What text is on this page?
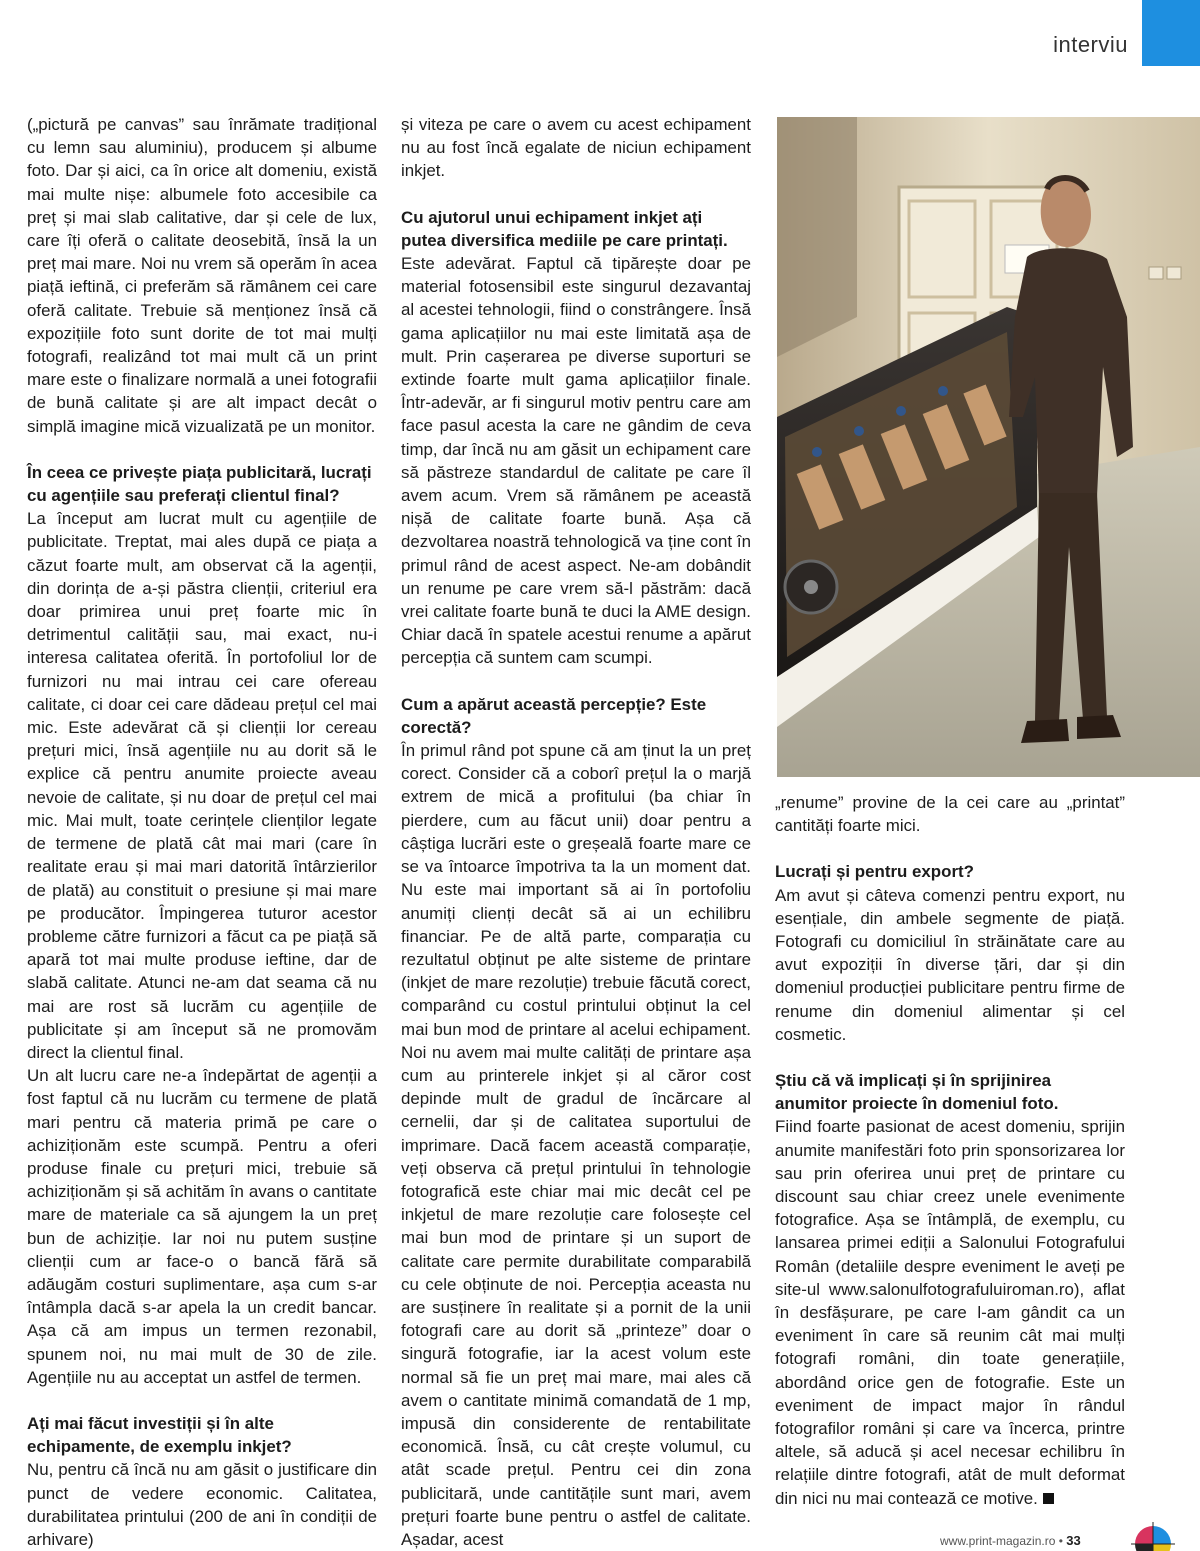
interviu

(„pictură pe canvas” sau înrămate tradițional cu lemn sau aluminiu), producem și albume foto. Dar și aici, ca în orice alt domeniu, există mai multe nișe: albumele foto accesibile ca preț și mai slab calitative, dar și cele de lux, care îți oferă o calitate deosebită, însă la un preț mai mare. Noi nu vrem să operăm în acea piață ieftină, ci preferăm să rămânem cei care oferă calitate. Trebuie să menționez însă că expozițiile foto sunt dorite de tot mai mulți fotografi, realizând tot mai mult că un print mare este o finalizare normală a unei fotografii de bună calitate și are alt impact decât o simplă imagine mică vizualizată pe un monitor.

În ceea ce privește piața publicitară, lucrați cu agențiile sau preferați clientul final?

La început am lucrat mult cu agențiile de publicitate. Treptat, mai ales după ce piața a căzut foarte mult, am observat că la agenții, din dorința de a-și păstra clienții, criteriul era doar primirea unui preț foarte mic în detrimentul calității sau, mai exact, nu-i interesa calitatea oferită. În portofoliul lor de furnizori nu mai intrau cei care ofereau calitate, ci doar cei care dădeau prețul cel mai mic. Este adevărat că și clienții lor cereau prețuri mici, însă agențiile nu au dorit să le explice că pentru anumite proiecte aveau nevoie de calitate, și nu doar de prețul cel mai mic. Mai mult, toate cerințele clienților legate de termene de plată cât mai mari (care în realitate erau și mai mari datorită întârzierilor de plată) au constituit o presiune și mai mare pe producător. Împingerea tuturor acestor probleme către furnizori a făcut ca pe piață să apară tot mai multe produse ieftine, dar de slabă calitate. Atunci ne-am dat seama că nu mai are rost să lucrăm cu agențiile de publicitate și am început să ne promovăm direct la clientul final.

Un alt lucru care ne-a îndepărtat de agenții a fost faptul că nu lucrăm cu termene de plată mari pentru că materia primă pe care o achiziționăm este scumpă. Pentru a oferi produse finale cu prețuri mici, trebuie să achiziționăm și să achităm în avans o cantitate mare de materiale ca să ajungem la un preț bun de achiziție. Iar noi nu putem susține clienții cum ar face-o o bancă fără să adăugăm costuri suplimentare, așa cum s-ar întâmpla dacă s-ar apela la un credit bancar. Așa că am impus un termen rezonabil, spunem noi, nu mai mult de 30 de zile. Agențiile nu au acceptat un astfel de termen.

Ați mai făcut investiții și în alte echipamente, de exemplu inkjet?

Nu, pentru că încă nu am găsit o justificare din punct de vedere economic. Calitatea, durabilitatea printului (200 de ani în condiții de arhivare)

și viteza pe care o avem cu acest echipament nu au fost încă egalate de niciun echipament inkjet.

Cu ajutorul unui echipament inkjet ați putea diversifica mediile pe care printați.

Este adevărat. Faptul că tipărește doar pe material fotosensibil este singurul dezavantaj al acestei tehnologii, fiind o constrângere. Însă gama aplicațiilor nu mai este limitată așa de mult. Prin cașerarea pe diverse suporturi se extinde foarte mult gama aplicațiilor finale. Într-adevăr, ar fi singurul motiv pentru care am face pasul acesta la care ne gândim de ceva timp, dar încă nu am găsit un echipament care să păstreze standardul de calitate pe care îl avem acum. Vrem să rămânem pe această nișă de calitate foarte bună. Așa că dezvoltarea noastră tehnologică va ține cont în primul rând de acest aspect. Ne-am dobândit un renume pe care vrem să-l păstrăm: dacă vrei calitate foarte bună te duci la AME design. Chiar dacă în spatele acestui renume a apărut percepția că suntem cam scumpi.

Cum a apărut această percepție? Este corectă?

În primul rând pot spune că am ținut la un preț corect. Consider că a coborî prețul la o marjă extrem de mică a profitului (ba chiar în pierdere, cum au făcut unii) doar pentru a câștiga lucrări este o greșeală foarte mare ce se va întoarce împotriva ta la un moment dat. Nu este mai important să ai în portofoliu anumiți clienți decât să ai un echilibru financiar. Pe de altă parte, comparația cu rezultatul obținut pe alte sisteme de printare (inkjet de mare rezoluție) trebuie făcută corect, comparând cu costul printului obținut la cel mai bun mod de printare al acelui echipament. Noi nu avem mai multe calități de printare așa cum au printerele inkjet și al căror cost depinde mult de gradul de încărcare al cernelii, dar și de calitatea suportului de imprimare. Dacă facem această comparație, veți observa că prețul printului în tehnologie fotografică este chiar mai mic decât cel pe inkjetul de mare rezoluție care folosește cel mai bun mod de printare și un suport de calitate care permite durabilitate comparabilă cu cele obținute de noi. Percepția aceasta nu are susținere în realitate și a pornit de la unii fotografi care au dorit să „printeze” doar o singură fotografie, iar la acest volum este normal să fie un preț mai mare, mai ales că avem o cantitate minimă comandată de 1 mp, impusă din considerente de rentabilitate economică. Însă, cu cât crește volumul, cu atât scade prețul. Pentru cei din zona publicitară, unde cantitățile sunt mari, avem prețuri foarte bune pentru o astfel de calitate. Așadar, acest

„renume” provine de la cei care au „printat” cantități foarte mici.

Lucrați și pentru export?

Am avut și câteva comenzi pentru export, nu esențiale, din ambele segmente de piață. Fotografi cu domiciliul în străinătate care au avut expoziții în diverse țări, dar și din domeniul producției publicitare pentru firme de renume din domeniul alimentar și cel cosmetic.

Știu că vă implicați și în sprijinirea anumitor proiecte în domeniul foto.

Fiind foarte pasionat de acest domeniu, sprijin anumite manifestări foto prin sponsorizarea lor sau prin oferirea unui preț de printare cu discount sau chiar creez unele evenimente fotografice. Așa se întâmplă, de exemplu, cu lansarea primei ediții a Salonului Fotografului Român (detaliile despre eveniment le aveți pe site-ul www.salonulfotografuluiroman.ro), aflat în desfășurare, pe care l-am gândit ca un eveniment în care să reunim cât mai mulți fotografi români, din toate generațiile, abordând orice gen de fotografie. Este un eveniment de impact major în rândul fotografilor români și care va încerca, printre altele, să aducă și acel necesar echilibru în relațiile dintre fotografi, atât de mult deformat din nici nu mai contează ce motive.

www.print-magazin.ro • 33
